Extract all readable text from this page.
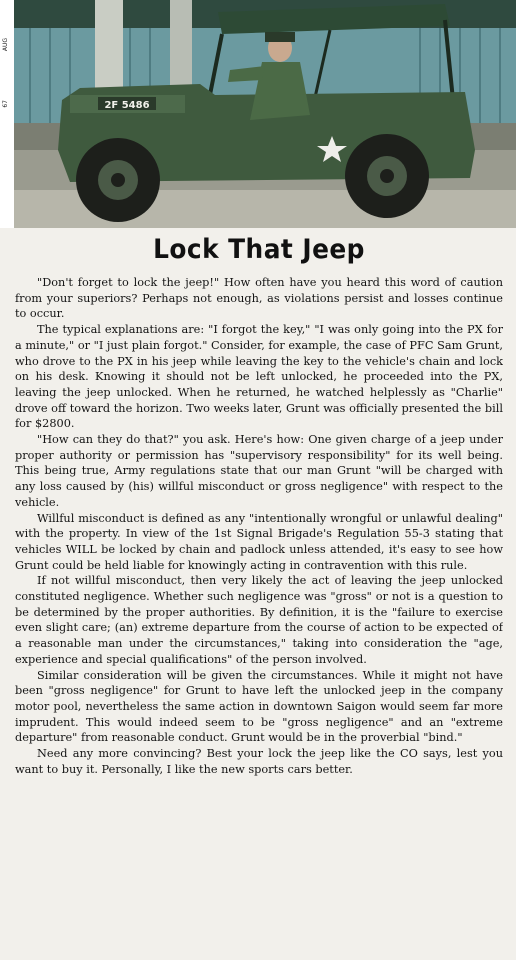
2F 5486
AUG
67
Lock That Jeep

"Don't forget to lock the jeep!" How often have you heard this word of caution from your superiors? Perhaps not enough, as violations persist and losses continue to occur.

The typical explanations are: "I forgot the key," "I was only going into the PX for a minute," or "I just plain forgot." Consider, for example, the case of PFC Sam Grunt, who drove to the PX in his jeep while leaving the key to the vehicle's chain and lock on his desk. Knowing it should not be left unlocked, he proceeded into the PX, leaving the jeep unlocked. When he returned, he watched helplessly as "Charlie" drove off toward the horizon. Two weeks later, Grunt was officially presented the bill for $2800.

"How can they do that?" you ask. Here's how: One given charge of a jeep under proper authority or permission has "supervisory responsibility" for its well being. This being true, Army regulations state that our man Grunt "will be charged with any loss caused by (his) willful misconduct or gross negligence" with respect to the vehicle.

Willful misconduct is defined as any "intentionally wrongful or unlawful dealing" with the property. In view of the 1st Signal Brigade's Regulation 55-3 stating that vehicles WILL be locked by chain and padlock unless attended, it's easy to see how Grunt could be held liable for knowingly acting in contravention with this rule.

If not willful misconduct, then very likely the act of leaving the jeep unlocked constituted negligence. Whether such negligence was "gross" or not is a question to be determined by the proper authorities. By definition, it is the "failure to exercise even slight care; (an) extreme departure from the course of action to be expected of a reasonable man under the circumstances," taking into consideration the "age, experience and special qualifications" of the person involved.

Similar consideration will be given the circumstances. While it might not have been "gross negligence" for Grunt to have left the unlocked jeep in the company motor pool, nevertheless the same action in downtown Saigon would seem far more imprudent. This would indeed seem to be "gross negligence" and an "extreme departure" from reasonable conduct. Grunt would be in the proverbial "bind."

Need any more convincing? Best your lock the jeep like the CO says, lest you want to buy it. Personally, I like the new sports cars better.
